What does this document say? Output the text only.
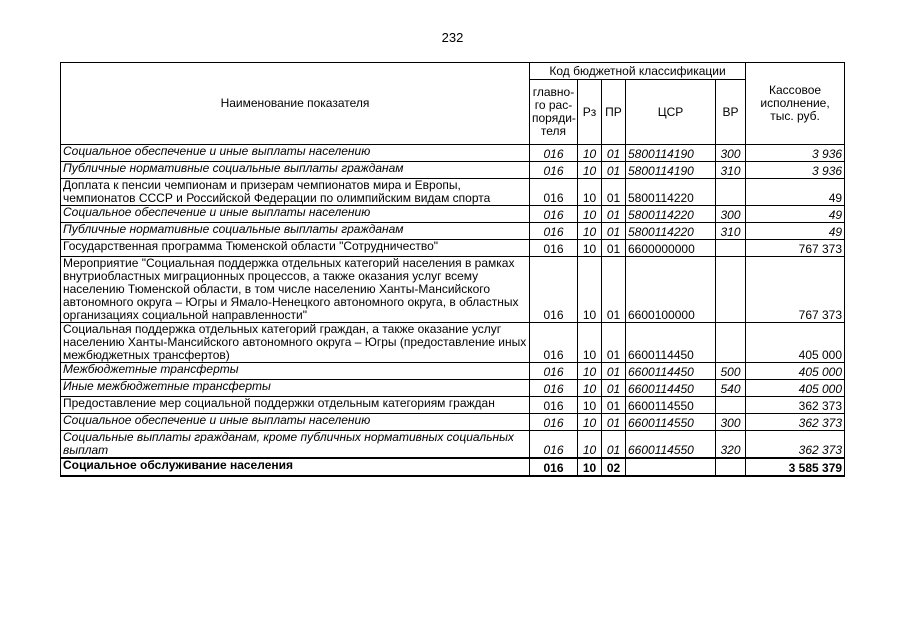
232
Наименование показателя	Код бюджетной классификации					Кассовое
исполнение,
тыс. руб.
	главно-
го рас-
поряди-
теля	Рз	ПР	ЦСР	ВР	
Социальное обеспечение и иные выплаты населению	016	10	01	5800114190	300	3 936
Публичные нормативные социальные выплаты гражданам	016	10	01	5800114190	310	3 936
Доплата к пенсии чемпионам и призерам чемпионатов мира и Европы, чемпионатов СССР и Российской Федерации по олимпийским видам спорта	016	10	01	5800114220		49
Социальное обеспечение и иные выплаты населению	016	10	01	5800114220	300	49
Публичные нормативные социальные выплаты гражданам	016	10	01	5800114220	310	49
Государственная программа Тюменской области "Сотрудничество"	016	10	01	6600000000		767 373
Мероприятие "Социальная поддержка отдельных категорий населения в рамках внутриобластных миграционных процессов, а также оказания услуг всему населению Тюменской области, в том числе населению Ханты-Мансийского автономного округа – Югры и Ямало-Ненецкого автономного округа, в областных организациях социальной направленности"	016	10	01	6600100000		767 373
Социальная поддержка отдельных категорий граждан, а также оказание услуг населению Ханты-Мансийского автономного округа – Югры (предоставление иных межбюджетных трансфертов)	016	10	01	6600114450		405 000
Межбюджетные трансферты	016	10	01	6600114450	500	405 000
Иные межбюджетные трансферты	016	10	01	6600114450	540	405 000
Предоставление мер социальной поддержки отдельным категориям граждан	016	10	01	6600114550		362 373
Социальное обеспечение и иные выплаты населению	016	10	01	6600114550	300	362 373
Социальные выплаты гражданам, кроме публичных нормативных социальных выплат	016	10	01	6600114550	320	362 373
Социальное обслуживание населения	016	10	02			3 585 379
